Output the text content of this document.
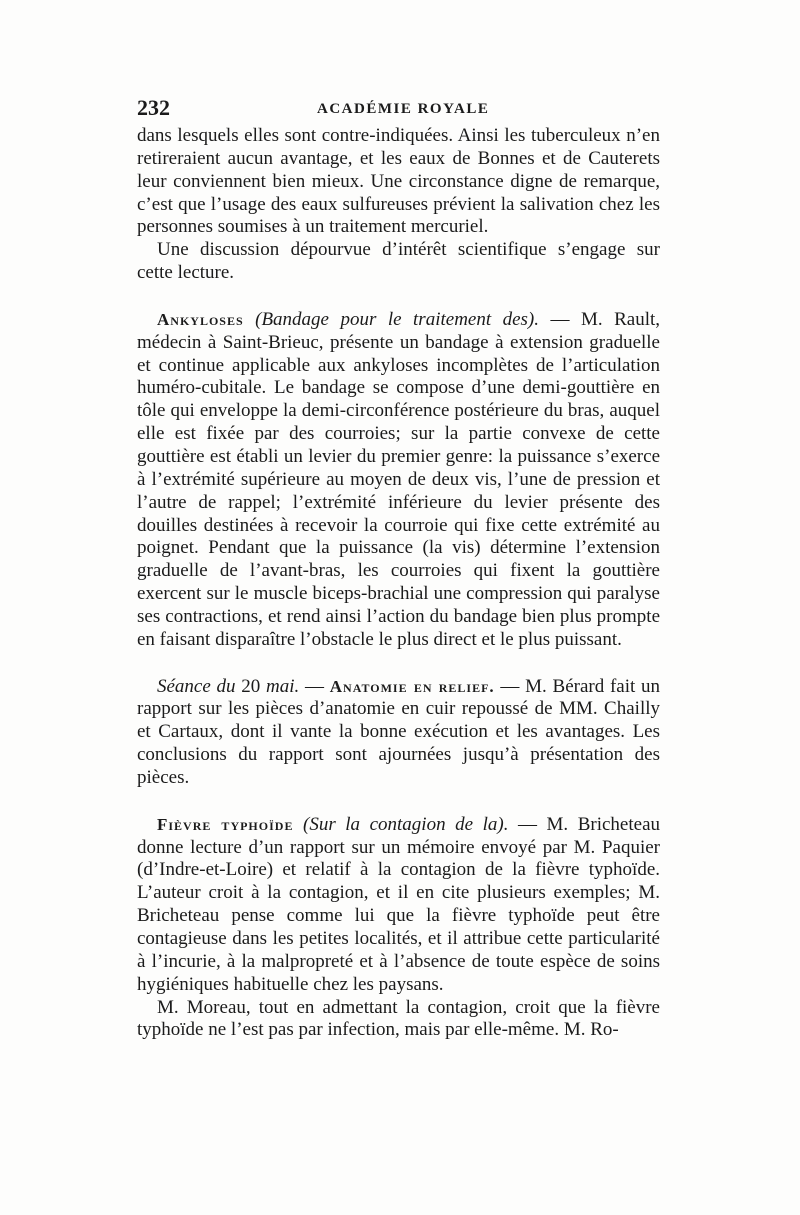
232	ACADÉMIE ROYALE

dans lesquels elles sont contre-indiquées. Ainsi les tuberculeux n’en retireraient aucun avantage, et les eaux de Bonnes et de Cauterets leur conviennent bien mieux. Une circonstance digne de remarque, c’est que l’usage des eaux sulfureuses prévient la salivation chez les personnes soumises à un traitement mercuriel.

Une discussion dépourvue d’intérêt scientifique s’engage sur cette lecture.

Ankyloses (Bandage pour le traitement des). — M. Rault, médecin à Saint-Brieuc, présente un bandage à extension graduelle et continue applicable aux ankyloses incomplètes de l’articulation huméro-cubitale. Le bandage se compose d’une demi-gouttière en tôle qui enveloppe la demi-circonférence postérieure du bras, auquel elle est fixée par des courroies; sur la partie convexe de cette gouttière est établi un levier du premier genre: la puissance s’exerce à l’extrémité supérieure au moyen de deux vis, l’une de pression et l’autre de rappel; l’extrémité inférieure du levier présente des douilles destinées à recevoir la courroie qui fixe cette extrémité au poignet. Pendant que la puissance (la vis) détermine l’extension graduelle de l’avant-bras, les courroies qui fixent la gouttière exercent sur le muscle biceps-brachial une compression qui paralyse ses contractions, et rend ainsi l’action du bandage bien plus prompte en faisant disparaître l’obstacle le plus direct et le plus puissant.

Séance du 20 mai. — Anatomie en relief. — M. Bérard fait un rapport sur les pièces d’anatomie en cuir repoussé de MM. Chailly et Cartaux, dont il vante la bonne exécution et les avantages. Les conclusions du rapport sont ajournées jusqu’à présentation des pièces.

Fièvre typhoïde (Sur la contagion de la). — M. Bricheteau donne lecture d’un rapport sur un mémoire envoyé par M. Paquier (d’Indre-et-Loire) et relatif à la contagion de la fièvre typhoïde. L’auteur croit à la contagion, et il en cite plusieurs exemples; M. Bricheteau pense comme lui que la fièvre typhoïde peut être contagieuse dans les petites localités, et il attribue cette particularité à l’incurie, à la malpropreté et à l’absence de toute espèce de soins hygiéniques habituelle chez les paysans.

M. Moreau, tout en admettant la contagion, croit que la fièvre typhoïde ne l’est pas par infection, mais par elle-même. M. Ro-
